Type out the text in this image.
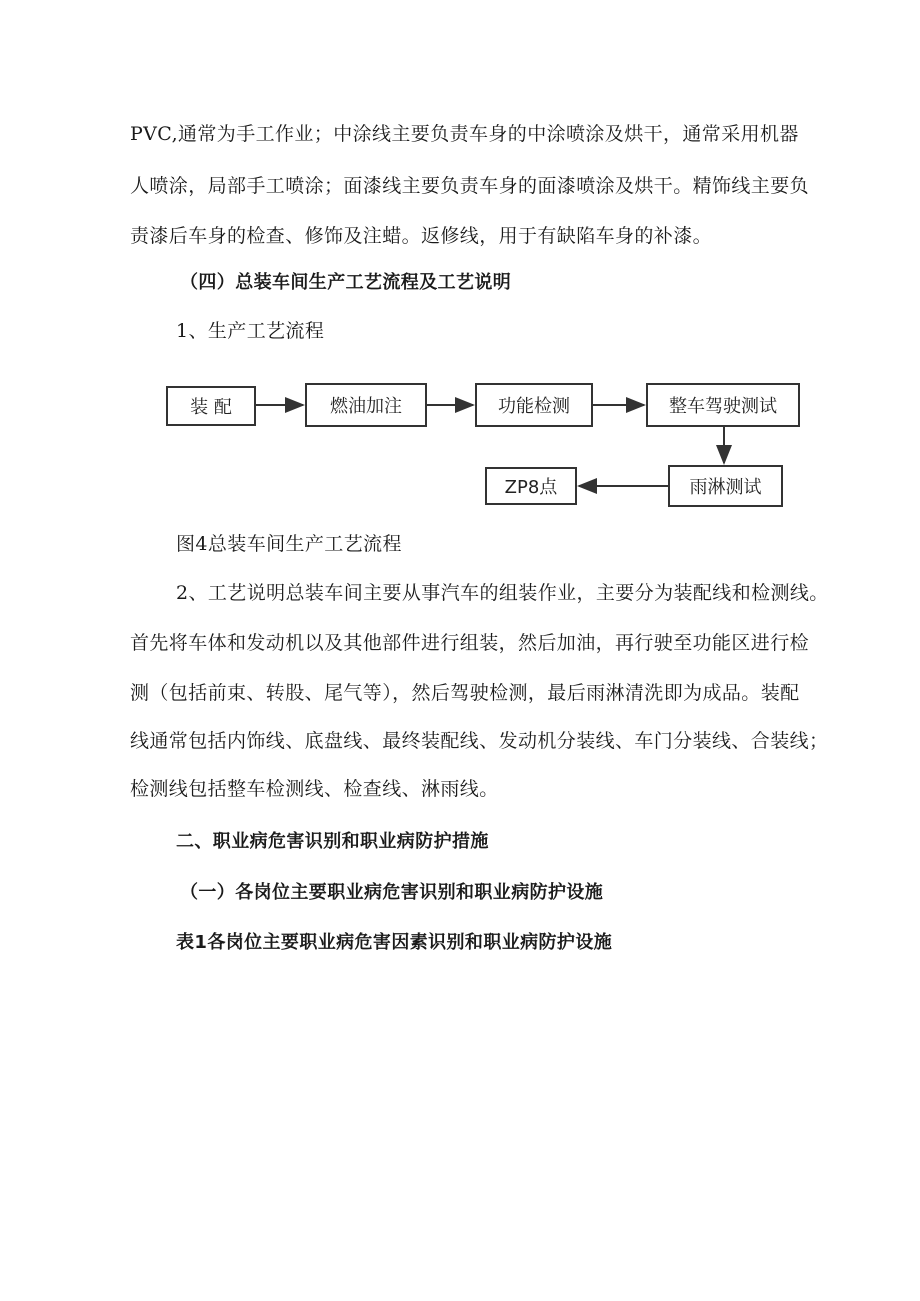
PVC,通常为手工作业；中涂线主要负责车身的中涂喷涂及烘干，通常采用机器
人喷涂，局部手工喷涂；面漆线主要负责车身的面漆喷涂及烘干。精饰线主要负
责漆后车身的检查、修饰及注蜡。返修线，用于有缺陷车身的补漆。
（四）总装车间生产工艺流程及工艺说明
1、生产工艺流程
装 配	燃油加注	功能检测	整车驾驶测试
雨淋测试
ZP8点
图4总装车间生产工艺流程
2、工艺说明总装车间主要从事汽车的组装作业，主要分为装配线和检测线。
首先将车体和发动机以及其他部件进行组装，然后加油，再行驶至功能区进行检
测（包括前束、转股、尾气等），然后驾驶检测，最后雨淋清洗即为成品。装配
线通常包括内饰线、底盘线、最终装配线、发动机分装线、车门分装线、合装线；
检测线包括整车检测线、检查线、淋雨线。
二、职业病危害识别和职业病防护措施
（一）各岗位主要职业病危害识别和职业病防护设施
表1各岗位主要职业病危害因素识别和职业病防护设施
